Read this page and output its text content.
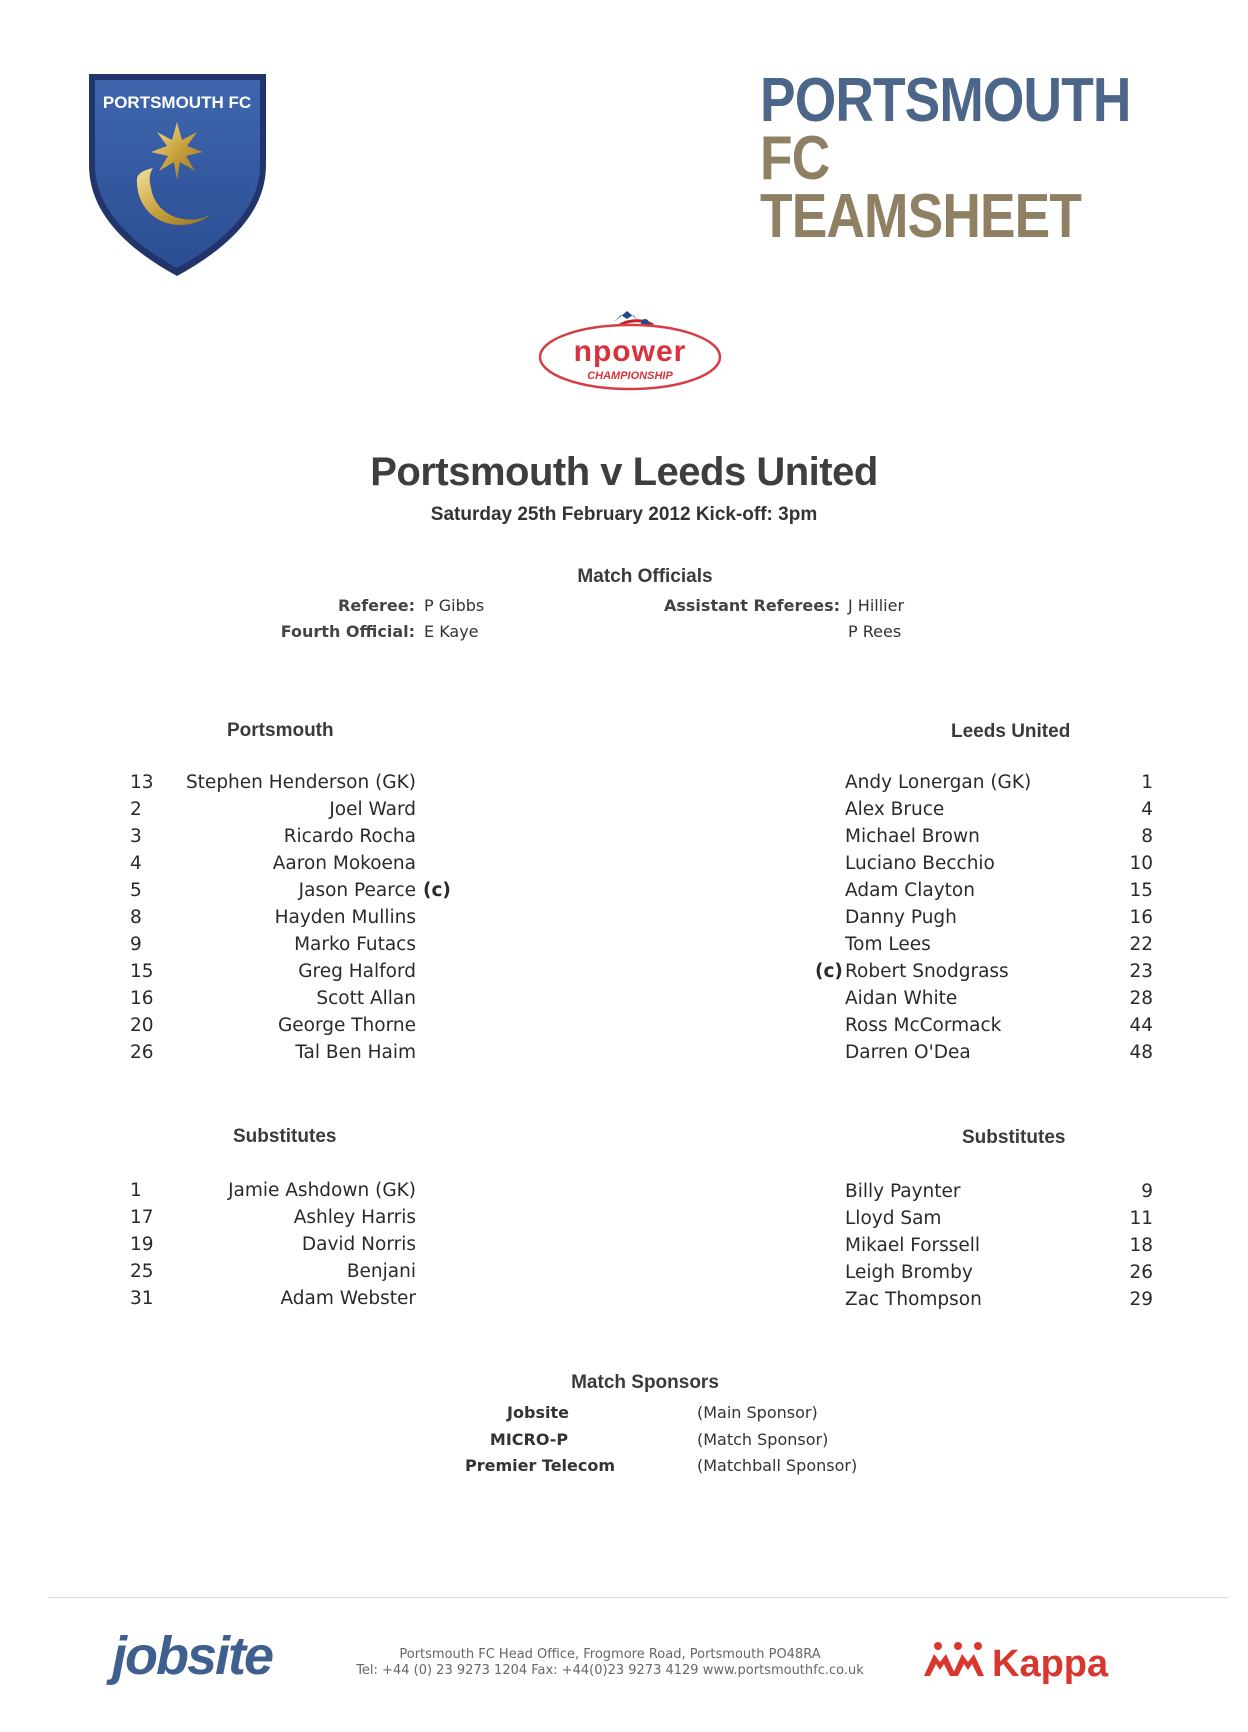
PORTSMOUTH FC	PORTSMOUTH FC
TEAMSHEET
npower
CHAMPIONSHIP
Portsmouth v Leeds United
Saturday 25th February 2012 Kick-off: 3pm
Match Officials
Referee: P Gibbs
Fourth Official: E Kaye
Assistant Referees: J Hillier
P Rees
Portsmouth	Leeds United
13	Stephen Henderson (GK)
2	Joel Ward
3	Ricardo Rocha
4	Aaron Mokoena
5	Jason Pearce (c)
8	Hayden Mullins
9	Marko Futacs
15	Greg Halford
16	Scott Allan
20	George Thorne
26	Tal Ben Haim
Andy Lonergan (GK)	1
Alex Bruce	4
Michael Brown	8
Luciano Becchio	10
Adam Clayton	15
Danny Pugh	16
Tom Lees	22
(c) Robert Snodgrass	23
Aidan White	28
Ross McCormack	44
Darren O'Dea	48
Substitutes	Substitutes
1	Jamie Ashdown (GK)
17	Ashley Harris
19	David Norris
25	Benjani
31	Adam Webster
Billy Paynter	9
Lloyd Sam	11
Mikael Forssell	18
Leigh Bromby	26
Zac Thompson	29
Match Sponsors
Jobsite	(Main Sponsor)
MICRO-P	(Match Sponsor)
Premier Telecom	(Matchball Sponsor)
jobsite	Portsmouth FC Head Office, Frogmore Road, Portsmouth PO48RA
Tel: +44 (0) 23 9273 1204 Fax: +44(0)23 9273 4129 www.portsmouthfc.co.uk	Kappa
